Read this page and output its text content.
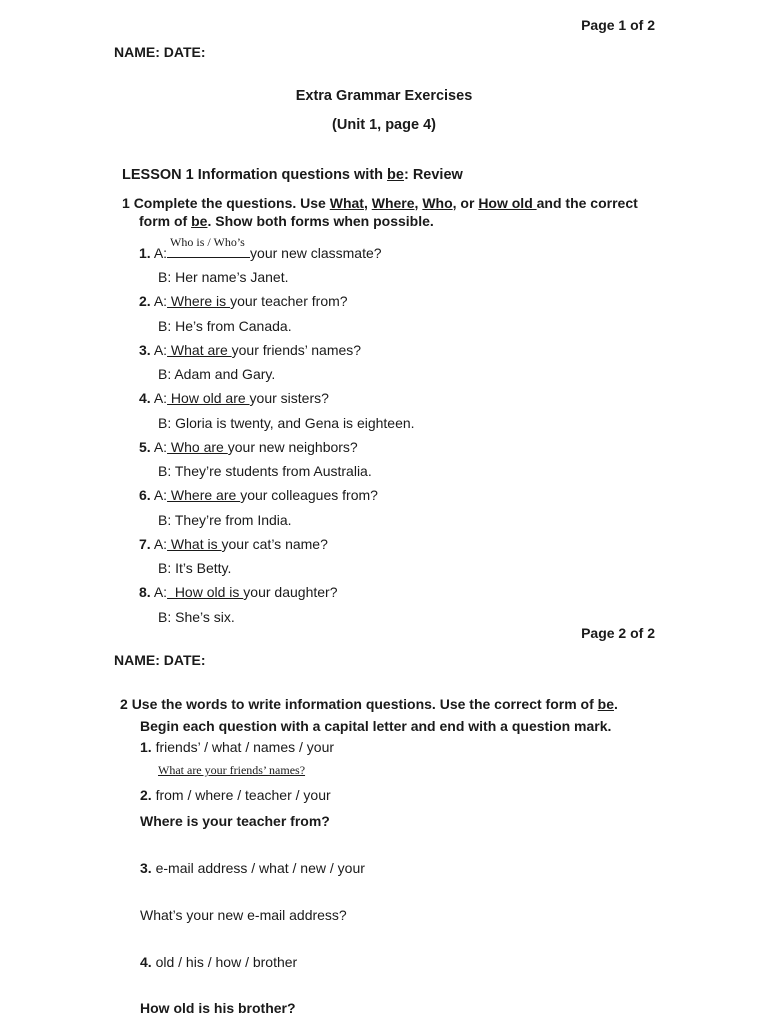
Page 1 of 2
NAME: DATE:
Extra Grammar Exercises
(Unit 1, page 4)
LESSON 1 Information questions with be: Review
1 Complete the questions. Use What, Where, Who, or How old and the correct
form of be. Show both forms when possible.
1. A:
Who is / Who’s
your new classmate?
B: Her name’s Janet.
2. A: Where is your teacher from?
B: He’s from Canada.
3. A: What are your friends’ names?
B: Adam and Gary.
4. A: How old are your sisters?
B: Gloria is twenty, and Gena is eighteen.
5. A: Who are your new neighbors?
B: They’re students from Australia.
6. A: Where are your colleagues from?
B: They’re from India.
7. A: What is your cat’s name?
B: It’s Betty.
8. A:  How old is your daughter?
B: She’s six.
Page 2 of 2
NAME: DATE:
2 Use the words to write information questions. Use the correct form of be.
Begin each question with a capital letter and end with a question mark.
1. friends’ / what / names / your
What are your friends’ names?
2. from / where / teacher / your
Where is your teacher from?
3. e-mail address / what / new / your
What’s your new e-mail address?
4. old / his / how / brother
How old is his brother?
